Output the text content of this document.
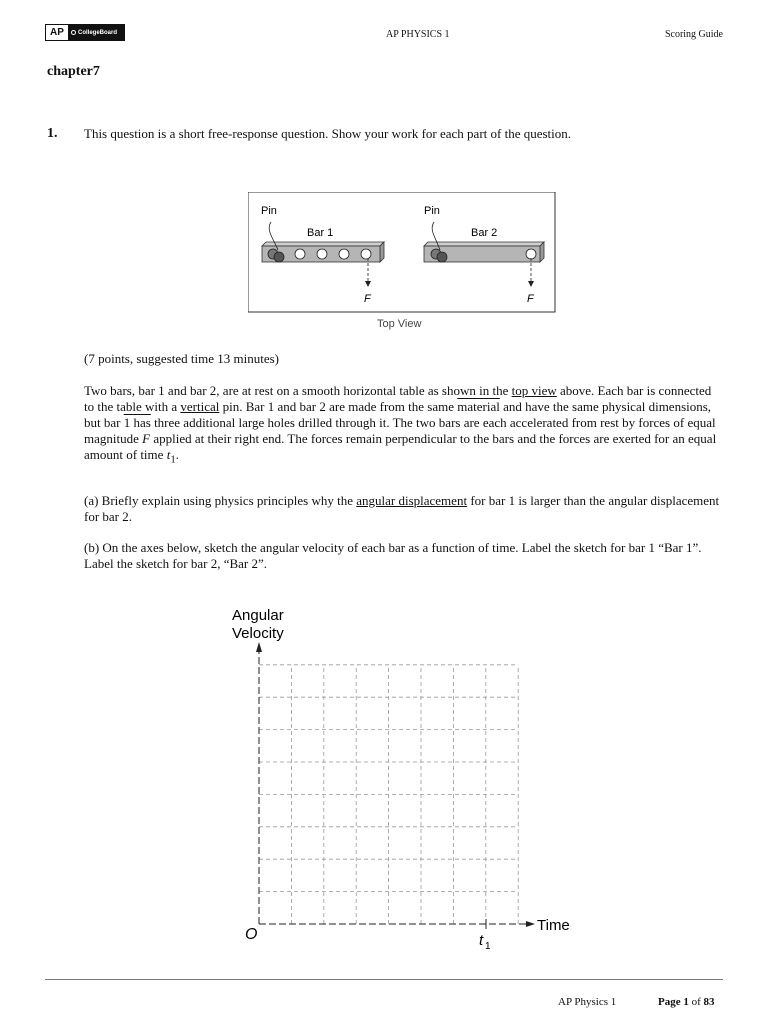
AP	CollegeBoard	AP PHYSICS 1	Scoring Guide
chapter7
1. This question is a short free-response question. Show your work for each part of the question.
Pin	Pin
Bar 1	Bar 2
F	F
Top View
(7 points, suggested time 13 minutes)
Two bars, bar 1 and bar 2, are at rest on a smooth horizontal table as shown in the top view above. Each bar is connected to the table with a vertical pin. Bar 1 and bar 2 are made from the same material and have the same physical dimensions, but bar 1 has three additional large holes drilled through it. The two bars are each accelerated from rest by forces of equal magnitude F applied at their right end. The forces remain perpendicular to the bars and the forces are exerted for an equal amount of time $t_1$.
(a) Briefly explain using physics principles why the angular displacement for bar 1 is larger than the angular displacement for bar 2.
(b) On the axes below, sketch the angular velocity of each bar as a function of time. Label the sketch for bar 1 “Bar 1”. Label the sketch for bar 2, “Bar 2”.
Angular
Velocity
Time
O	t 1
AP Physics 1	Page 1 of 83
